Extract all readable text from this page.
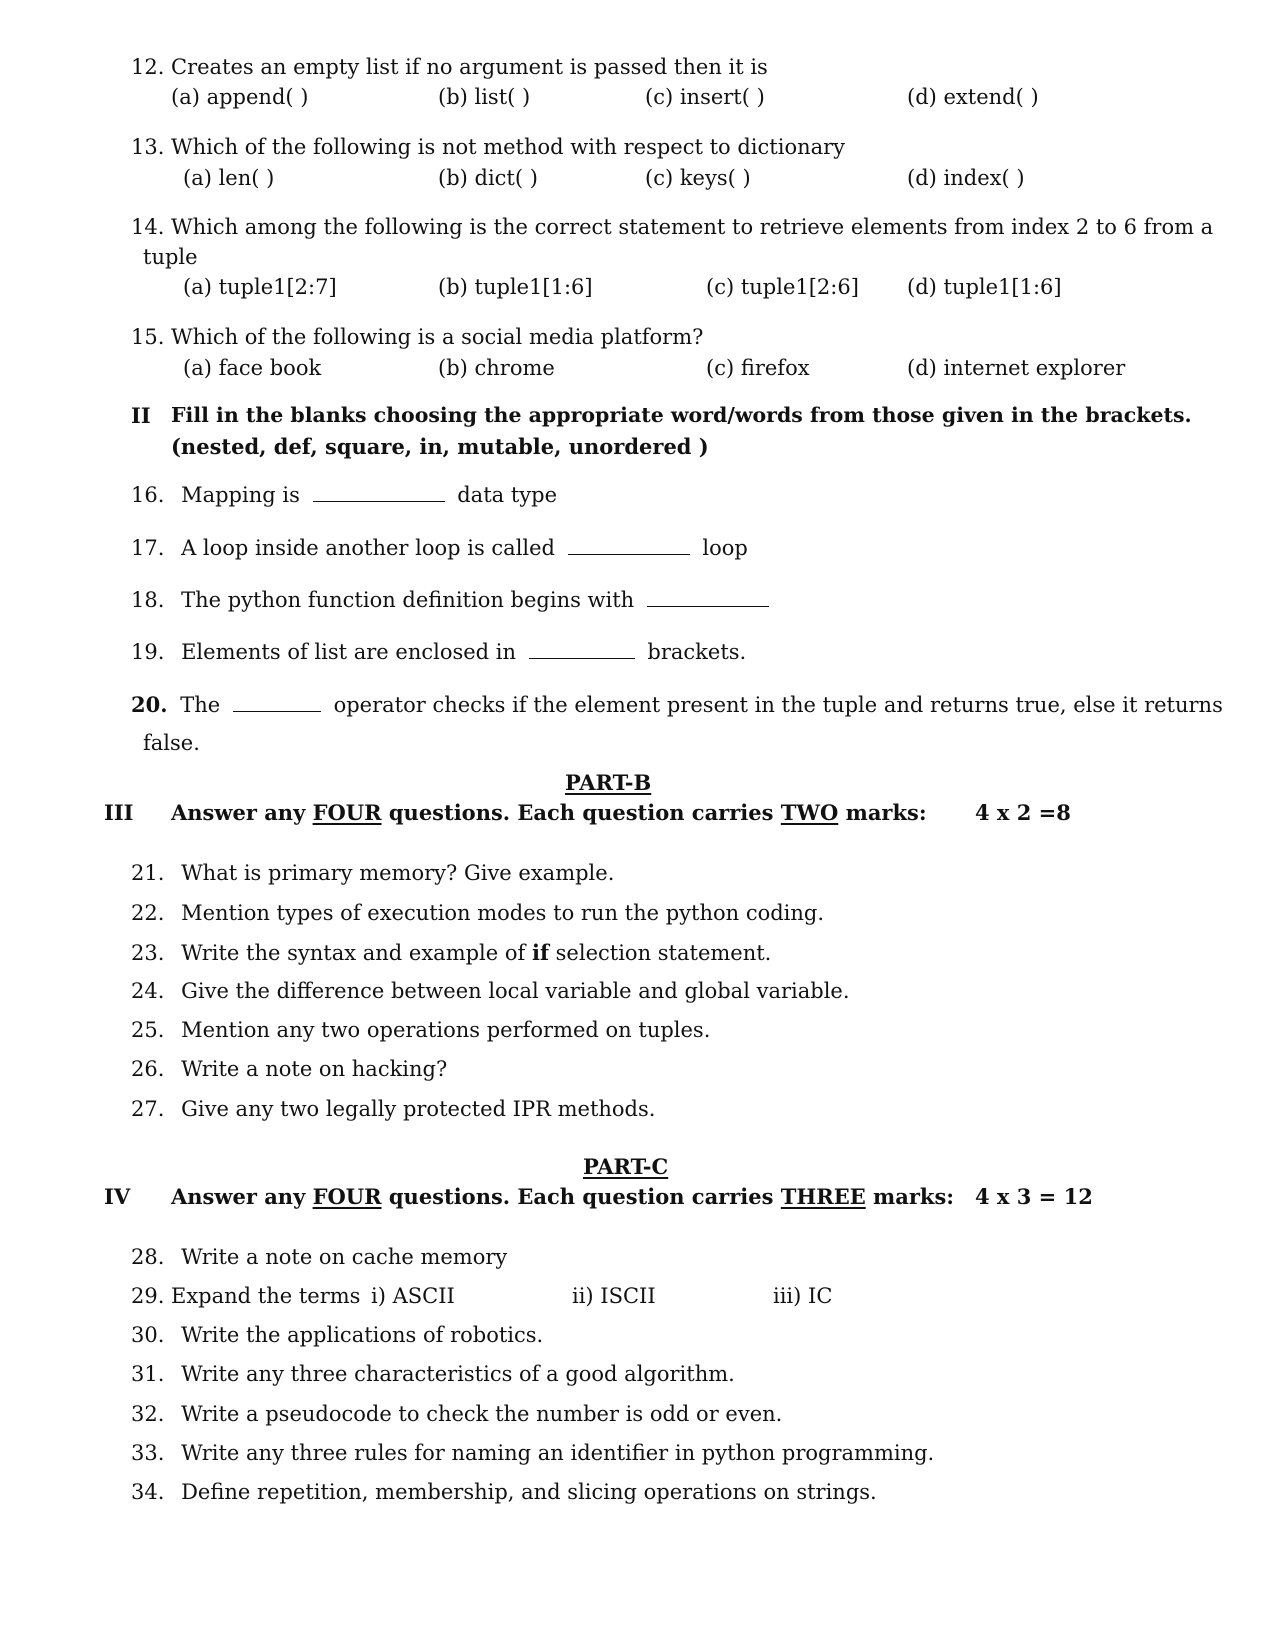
12. Creates an empty list if no argument is passed then it is
(a) append( )	(b) list( )	(c) insert( )	(d) extend( )
13. Which of the following is not method with respect to dictionary
(a) len( )	(b) dict( )	(c) keys( )	(d) index( )
14. Which among the following is the correct statement to retrieve elements from index 2 to 6 from a
tuple
(a) tuple1[2:7]	(b) tuple1[1:6]	(c) tuple1[2:6] (d) tuple1[1:6]
15. Which of the following is a social media platform?
(a) face book	(b) chrome	(c) firefox	(d) internet explorer
II Fill in the blanks choosing the appropriate word/words from those given in the brackets.
(nested, def, square, in, mutable, unordered )
16. Mapping is	data type
17. A loop inside another loop is called	loop
18. The python function definition begins with
19. Elements of list are enclosed in	brackets.
20. The	operator checks if the element present in the tuple and returns true, else it returns
false.
PART-B
III Answer any FOUR questions. Each question carries TWO marks: 4 x 2 =8
21. What is primary memory? Give example.
22. Mention types of execution modes to run the python coding.
23. Write the syntax and example of if selection statement.
24. Give the difference between local variable and global variable.
25. Mention any two operations performed on tuples.
26. Write a note on hacking?
27. Give any two legally protected IPR methods.
PART-C
IV Answer any FOUR questions. Each question carries THREE marks: 4 x 3 = 12
28. Write a note on cache memory
29. Expand the terms i) ASCII	ii) ISCII	iii) IC
30. Write the applications of robotics.
31. Write any three characteristics of a good algorithm.
32. Write a pseudocode to check the number is odd or even.
33. Write any three rules for naming an identifier in python programming.
34. Define repetition, membership, and slicing operations on strings.
